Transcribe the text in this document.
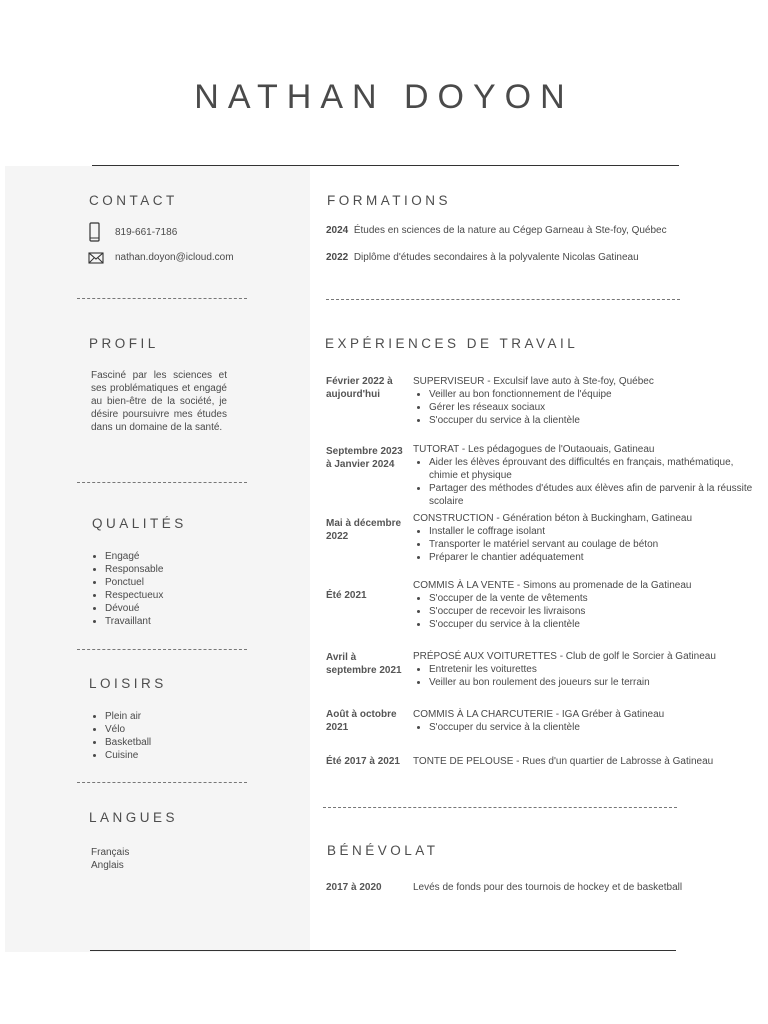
NATHAN DOYON
CONTACT
819-661-7186
nathan.doyon@icloud.com
PROFIL
Fasciné par les sciences et ses problématiques et engagé au bien-être de la société, je désire poursuivre mes études dans un domaine de la santé.
QUALITÉS
• Engagé
• Responsable
• Ponctuel
• Respectueux
• Dévoué
• Travaillant
LOISIRS
• Plein air
• Vélo
• Basketball
• Cuisine
LANGUES
Français
Anglais
FORMATIONS
2024 Études en sciences de la nature au Cégep Garneau à Ste-foy, Québec
2022 Diplôme d'études secondaires à la polyvalente Nicolas Gatineau
EXPÉRIENCES DE TRAVAIL
Février 2022 à aujourd'hui
SUPERVISEUR - Exculsif lave auto à Ste-foy, Québec
• Veiller au bon fonctionnement de l'équipe
• Gérer les réseaux sociaux
• S'occuper du service à la clientèle
Septembre 2023 à Janvier 2024
TUTORAT - Les pédagogues de l'Outaouais, Gatineau
• Aider les élèves éprouvant des difficultés en français, mathématique, chimie et physique
• Partager des méthodes d'études aux élèves afin de parvenir à la réussite scolaire
Mai à décembre 2022
CONSTRUCTION - Génération béton à Buckingham, Gatineau
• Installer le coffrage isolant
• Transporter le matériel servant au coulage de béton
• Préparer le chantier adéquatement
Été 2021
COMMIS À LA VENTE - Simons au promenade de la Gatineau
• S'occuper de la vente de vêtements
• S'occuper de recevoir les livraisons
• S'occuper du service à la clientèle
Avril à septembre 2021
PRÉPOSÉ AUX VOITURETTES - Club de golf le Sorcier à Gatineau
• Entretenir les voiturettes
• Veiller au bon roulement des joueurs sur le terrain
Août à octobre 2021
COMMIS À LA CHARCUTERIE - IGA Gréber à Gatineau
• S'occuper du service à la clientèle
Été 2017 à 2021	TONTE DE PELOUSE - Rues d'un quartier de Labrosse à Gatineau
BÉNÉVOLAT
2017 à 2020	Levés de fonds pour des tournois de hockey et de basketball
